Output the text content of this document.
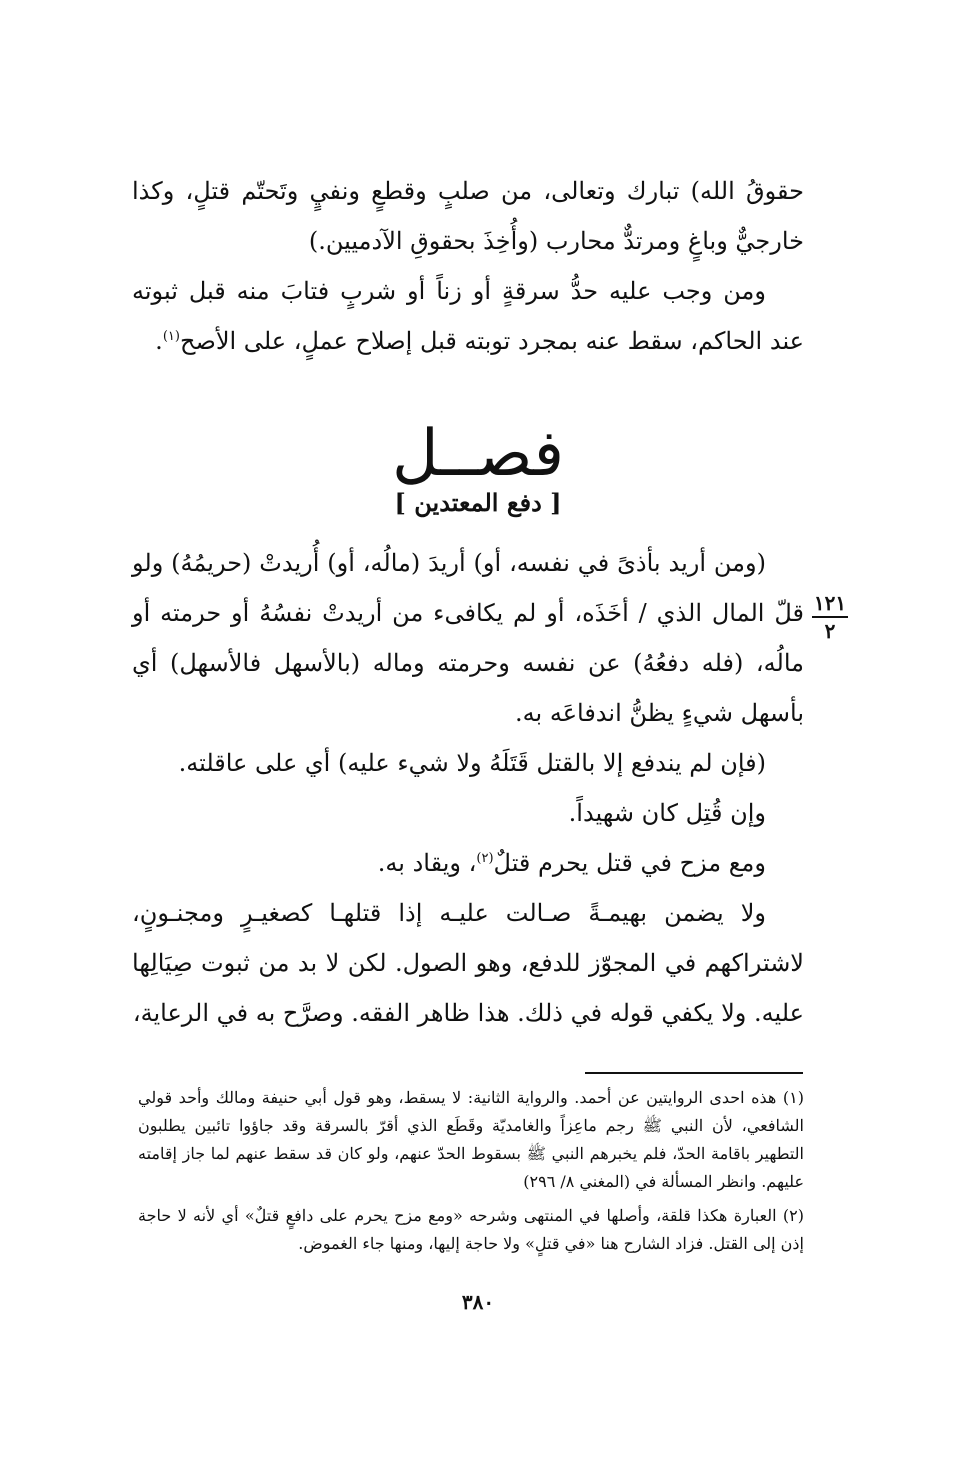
حقوقُ الله) تبارك وتعالى، من صلبٍ وقطعٍ ونفيٍ وتَحتّم قتلٍ، وكذا خارجيٌّ وباغٍ ومرتدٌّ محارب (وأُخِذَ بحقوقِ الآدميين.)

ومن وجب عليه حدُّ سرقةٍ أو زناً أو شربٍ فتابَ منه قبل ثبوته عند الحاكم، سقط عنه بمجرد توبته قبل إصلاح عملٍ، على الأصح$^{(١)}$.

فصــل
[ دفع المعتدين ]
١٢١
٢

(ومن أريد بأذىً في نفسه، أو) أريدَ (مالُه، أو) أُريدتْ (حريمُهُ) ولو قلّ المال الذي / أخَذَه، أو لم يكافىء من أريدتْ نفسُهُ أو حرمته أو مالُه، (فله دفعُهُ) عن نفسه وحرمته وماله (بالأسهل فالأسهل) أي بأسهل شيءٍ يظنُّ اندفاعَه به.

(فإن لم يندفع إلا بالقتل قَتَلَهُ ولا شيء عليه) أي على عاقلته.

وإن قُتِل كان شهيداً.

ومع مزح في قتل يحرم قتلٌ$^{(٢)}$، ويقاد به.

ولا يضمن بهيمـةً صـالت عليـه إذا قتلهـا كصغيـرٍ ومجنـونٍ، لاشتراكهم في المجوّز للدفع، وهو الصول. لكن لا بد من ثبوت صِيَالِها عليه. ولا يكفي قوله في ذلك. هذا ظاهر الفقه. وصرَّح به في الرعاية،

(١) هذه احدى الروايتين عن أحمد. والرواية الثانية: لا يسقط، وهو قول أبي حنيفة ومالك وأحد قولي الشافعي، لأن النبي ﷺ رجم ماعِزاً والغامديّة وقَطَع الذي أقرّ بالسرقة وقد جاؤوا تائبين يطلبون التطهير باقامة الحدّ، فلم يخبرهم النبي ﷺ بسقوط الحدّ عنهم، ولو كان قد سقط عنهم لما جاز إقامته عليهم. وانظر المسألة في (المغني ٨/ ٢٩٦)

(٢) العبارة هكذا قلقة، وأصلها في المنتهى وشرحه «ومع مزح يحرم على دافعٍ قتلٌ» أي لأنه لا حاجة إذن إلى القتل. فزاد الشارح هنا «في قتلٍ» ولا حاجة إليها، ومنها جاء الغموض.

٣٨٠
